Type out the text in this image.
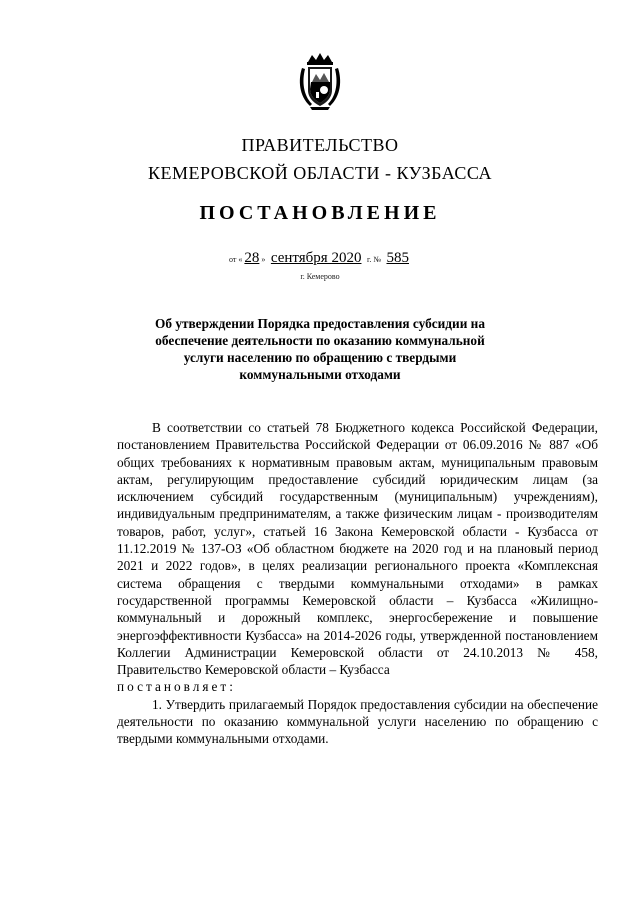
ПРАВИТЕЛЬСТВО
КЕМЕРОВСКОЙ ОБЛАСТИ - КУЗБАССА
ПОСТАНОВЛЕНИЕ
от « 28 » сентября 2020 г. № 585
г. Кемерово
Об утверждении Порядка предоставления субсидии на обеспечение деятельности по оказанию коммунальной услуги населению по обращению с твердыми коммунальными отходами

В соответствии со статьей 78 Бюджетного кодекса Российской Федерации, постановлением Правительства Российской Федерации от 06.09.2016 № 887 «Об общих требованиях к нормативным правовым актам, муниципальным правовым актам, регулирующим предоставление субсидий юридическим лицам (за исключением субсидий государственным (муниципальным) учреждениям), индивидуальным предпринимателям, а также физическим лицам - производителям товаров, работ, услуг», статьей 16 Закона Кемеровской области - Кузбасса от 11.12.2019 № 137-ОЗ «Об областном бюджете на 2020 год и на плановый период 2021 и 2022 годов», в целях реализации регионального проекта «Комплексная система обращения с твердыми коммунальными отходами» в рамках государственной программы Кемеровской области – Кузбасса «Жилищно-коммунальный и дорожный комплекс, энергосбережение и повышение энергоэффективности Кузбасса» на 2014-2026 годы, утвержденной постановлением Коллегии Администрации Кемеровской области от 24.10.2013 № 458, Правительство Кемеровской области – Кузбасса

постановляет:

1. Утвердить прилагаемый Порядок предоставления субсидии на обеспечение деятельности по оказанию коммунальной услуги населению по обращению с твердыми коммунальными отходами.
